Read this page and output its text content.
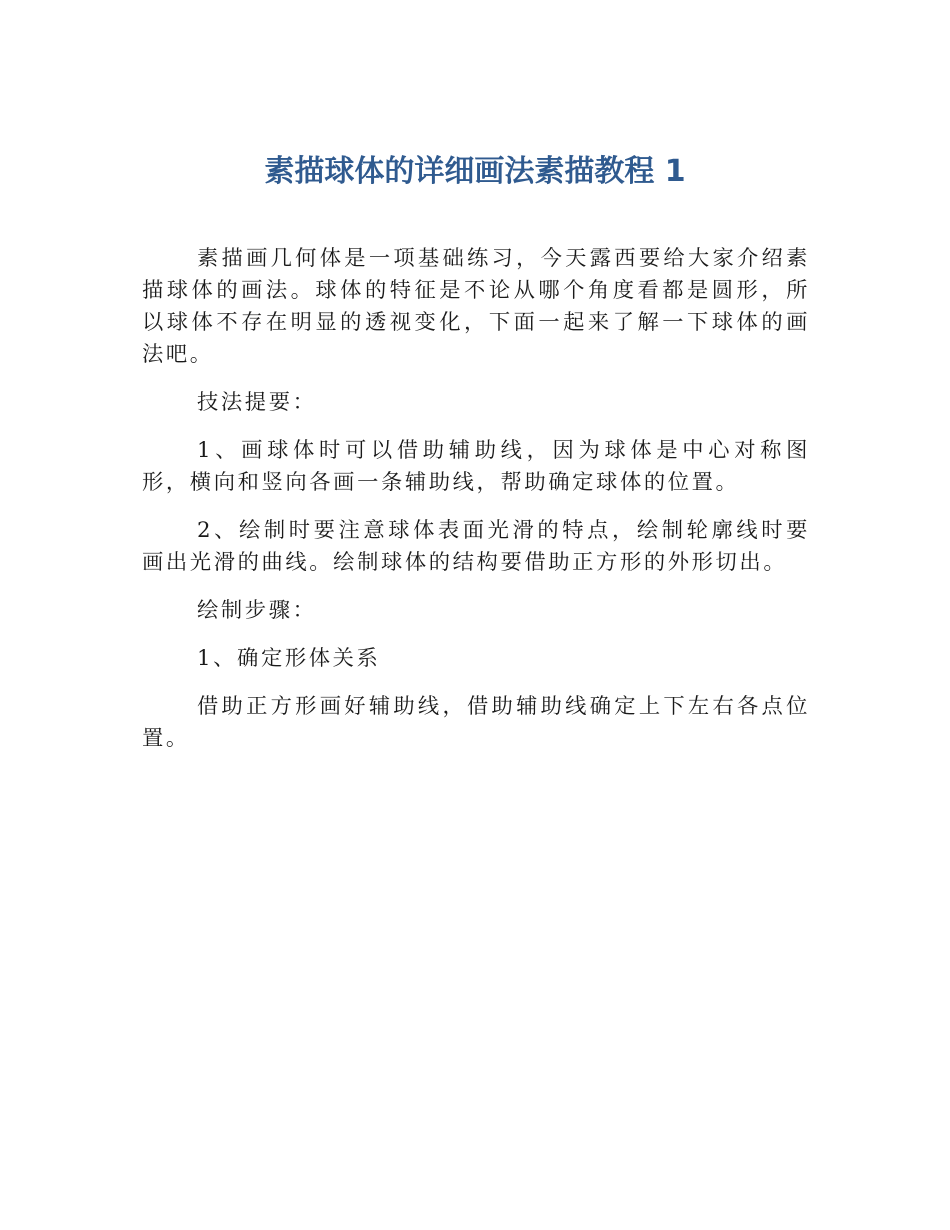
素描球体的详细画法素描教程 1

素描画几何体是一项基础练习，今天露西要给大家介绍素描球体的画法。球体的特征是不论从哪个角度看都是圆形，所以球体不存在明显的透视变化，下面一起来了解一下球体的画法吧。

技法提要：

1、画球体时可以借助辅助线，因为球体是中心对称图形，横向和竖向各画一条辅助线，帮助确定球体的位置。

2、绘制时要注意球体表面光滑的特点，绘制轮廓线时要画出光滑的曲线。绘制球体的结构要借助正方形的外形切出。

绘制步骤：

1、确定形体关系

借助正方形画好辅助线，借助辅助线确定上下左右各点位置。
